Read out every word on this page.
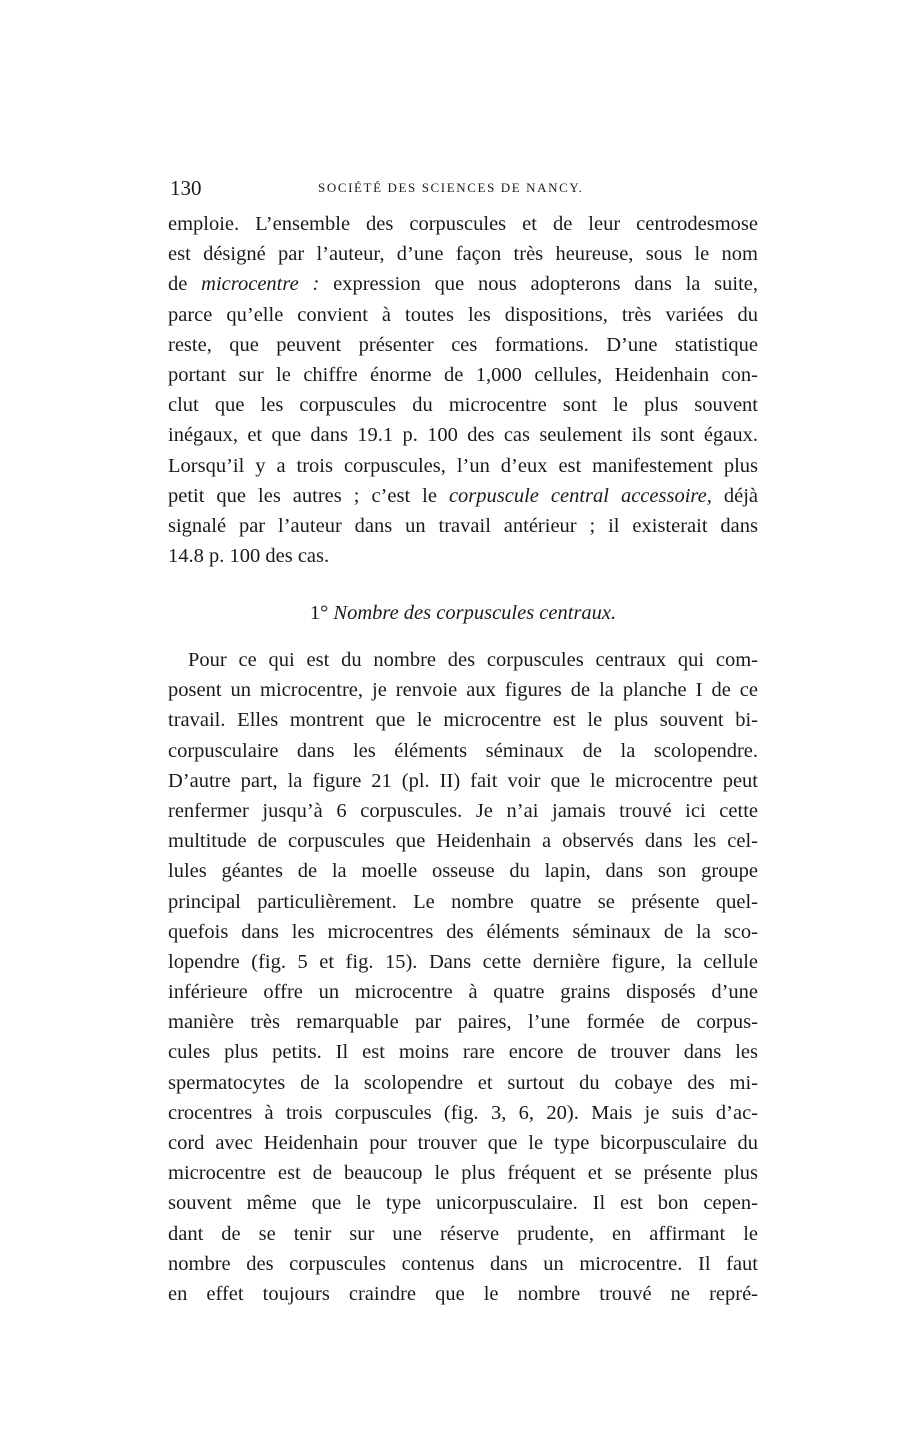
130	SOCIÉTÉ DES SCIENCES DE NANCY.
emploie. L’ensemble des corpuscules et de leur centrodesmose
est désigné par l’auteur, d’une façon très heureuse, sous le nom
de microcentre : expression que nous adopterons dans la suite,
parce qu’elle convient à toutes les dispositions, très variées du
reste, que peuvent présenter ces formations. D’une statistique
portant sur le chiffre énorme de 1,000 cellules, Heidenhain con-
clut que les corpuscules du microcentre sont le plus souvent
inégaux, et que dans 19.1 p. 100 des cas seulement ils sont égaux.
Lorsqu’il y a trois corpuscules, l’un d’eux est manifestement plus
petit que les autres ; c’est le corpuscule central accessoire, déjà
signalé par l’auteur dans un travail antérieur ; il existerait dans
14.8 p. 100 des cas.
1° Nombre des corpuscules centraux.
Pour ce qui est du nombre des corpuscules centraux qui com-
posent un microcentre, je renvoie aux figures de la planche I de ce
travail. Elles montrent que le microcentre est le plus souvent bi-
corpusculaire dans les éléments séminaux de la scolopendre.
D’autre part, la figure 21 (pl. II) fait voir que le microcentre peut
renfermer jusqu’à 6 corpuscules. Je n’ai jamais trouvé ici cette
multitude de corpuscules que Heidenhain a observés dans les cel-
lules géantes de la moelle osseuse du lapin, dans son groupe
principal particulièrement. Le nombre quatre se présente quel-
quefois dans les microcentres des éléments séminaux de la sco-
lopendre (fig. 5 et fig. 15). Dans cette dernière figure, la cellule
inférieure offre un microcentre à quatre grains disposés d’une
manière très remarquable par paires, l’une formée de corpus-
cules plus petits. Il est moins rare encore de trouver dans les
spermatocytes de la scolopendre et surtout du cobaye des mi-
crocentres à trois corpuscules (fig. 3, 6, 20). Mais je suis d’ac-
cord avec Heidenhain pour trouver que le type bicorpusculaire du
microcentre est de beaucoup le plus fréquent et se présente plus
souvent même que le type unicorpusculaire. Il est bon cepen-
dant de se tenir sur une réserve prudente, en affirmant le
nombre des corpuscules contenus dans un microcentre. Il faut
en effet toujours craindre que le nombre trouvé ne repré-
